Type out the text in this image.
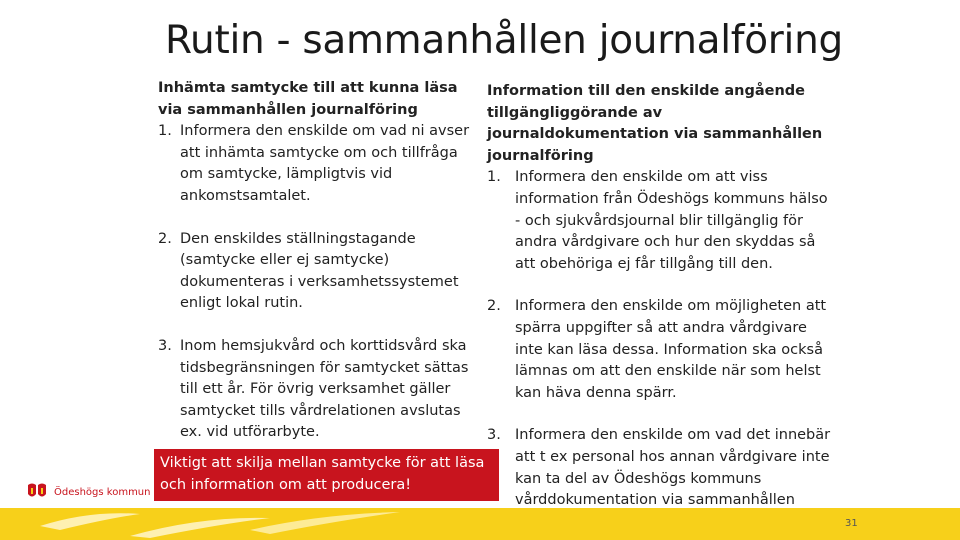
Rutin - sammanhållen journalföring
Inhämta samtycke till att kunna läsa via sammanhållen journalföring
1. Informera den enskilde om vad ni avser att inhämta samtycke om och tillfråga om samtycke, lämpligtvis vid ankomstsamtalet.
2. Den enskildes ställningstagande (samtycke eller ej samtycke) dokumenteras i verksamhetssystemet enligt lokal rutin.
3. Inom hemsjukvård och korttidsvård ska tidsbegränsningen för samtycket sättas till ett år. För övrig verksamhet gäller samtycket tills vårdrelationen avslutas ex. vid utförarbyte.
Information till den enskilde angående tillgängliggörande av journaldokumentation via sammanhållen journalföring
1. Informera den enskilde om att viss information från Ödeshögs kommuns hälso - och sjukvårdsjournal blir tillgänglig för andra vårdgivare och hur den skyddas så att obehöriga ej får tillgång till den.
2. Informera den enskilde om möjligheten att spärra uppgifter så att andra vårdgivare inte kan läsa dessa. Information ska också lämnas om att den enskilde när som helst kan häva denna spärr.
3. Informera den enskilde om vad det innebär att t ex personal hos annan vårdgivare inte kan ta del av Ödeshögs kommuns vårddokumentation via sammanhållen
Viktigt att skilja mellan samtycke för att läsa och information om att producera!
Ödeshögs kommun
31
